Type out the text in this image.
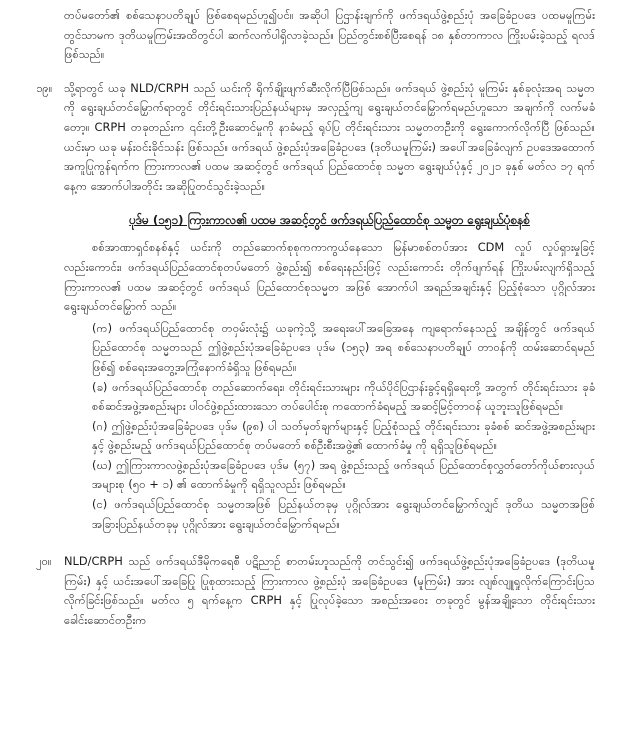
တပ်မတော်၏ စစ်သေနာပတိချုပ် ဖြစ်စေရမည်ဟူ၍ပင်။ အဆိုပါ ပြဌာန်းချက်ကို ဖက်ဒရယ်ဖွဲ့စည်းပုံ အခြေခံဥပဒေ ပထမမူကြမ်းတွင်သာမက ဒုတိယမူကြမ်းအထိတွင်ပါ ဆက်လက်ပါရှိလာခဲ့သည်။ ပြည်တွင်းစစ်ပြီးစေရန် ၁၈ နှစ်တာကာလ ကြိုးပမ်းခဲ့သည့် ရလဒ်ဖြစ်သည်။

၁၉။ သို့ရာတွင် ယခု NLD/CRPH သည် ယင်းကို ရိုက်ချိုးဖျက်ဆီးလိုက်ပြီဖြစ်သည်။ ဖက်ဒရယ် ဖွဲ့စည်းပုံ မူကြမ်း နှစ်ခုလုံးအရ သမ္မတကို ရွေးချယ်တင်မြှောက်ရာတွင် တိုင်းရင်းသားပြည်နယ်များမှ အလှည့်ကျ ရွေးချယ်တင်မြှောက်ရမည်ဟူသော အချက်ကို လက်မခံတော့။ CRPH တခုတည်းက ၎င်းတို့ဦးဆောင်မှုကို နာခံမည့် ရုပ်ပြ တိုင်းရင်းသား သမ္မတတဦးကို ရွေးကောက်လိုက်ပြီ ဖြစ်သည်။ ယင်းမှာ ယခု မန်းဝင်းခိုင်သန်း ဖြစ်သည်။ ဖက်ဒရယ် ဖွဲ့စည်းပုံအခြေခံဥပဒေ (ဒုတိယမူကြမ်း) အပေါ်အခြေခံလျက် ဥပဒေအထောက် အကူပြုကွန်ရက်က ကြားကာလ၏ ပထမ အဆင့်တွင် ဖက်ဒရယ် ပြည်ထောင်စု သမ္မတ ရွေးချယ်ပုံနှင့် ၂၀၂၁ ခုနှစ် မတ်လ ၁၇ ရက်နေ့က အောက်ပါအတိုင်း အဆိုပြုတင်သွင်းခဲ့သည်။

ပုဒ်မ (၁၅၁) ကြားကာလ၏ ပထမ အဆင့်တွင် ဖက်ဒရယ်ပြည်ထောင်စု သမ္မတ ရွေးချယ်ပုံစနစ်

စစ်အာဏာရှင်စနစ်နှင့် ယင်းကို တည်ဆောက်စုစုကကာကွယ်နေသော မြန်မာစစ်တပ်အား CDM လှုပ် လှုပ်ရှားမှုခြင့်လည်းကောင်း၊ ဖက်ဒရယ်ပြည်ထောင်စုတပ်မတော် ဖွဲ့စည်း၍ စစ်ရေးနည်းဖြင့် လည်းကောင်း တိုက်ဖျက်ရန် ကြိုးပမ်းလျက်ရှိသည့် ကြားကာလ၏ ပထမ အဆင့်တွင် ဖက်ဒရယ် ပြည်ထောင်စုသမ္မတ အဖြစ် အောက်ပါ အရည်အချင်းနှင့် ပြည့်စုံသော ပုဂ္ဂိုလ်အား ရွေးချယ်တင်မြှောက် သည်။

(က) ဖက်ဒရယ်ပြည်ထောင်စု တဝှမ်းလုံး၌ ယခုကဲ့သို့ အရေးပေါ်အခြေအနေ ကျရောက်နေသည့် အချိန်တွင် ဖက်ဒရယ် ပြည်ထောင်စု သမ္မတသည် ဤဖွဲ့စည်းပုံအခြေခံဥပဒေ ပုဒ်မ (၁၅၃) အရ စစ်သေနာပတိချုပ် တာဝန်ကို ထမ်းဆောင်ရမည်ဖြစ်၍ စစ်ရေးအတွေ့အကြုံနောက်ခံရှိသူ ဖြစ်ရမည်။

(ခ) ဖက်ဒရယ်ပြည်ထောင်စု တည်ဆောက်ရေး၊ တိုင်းရင်းသားများ ကိုယ်ပိုင်ပြဌာန်းခွင့်ရရှိရေးတို့ အတွက် တိုင်းရင်းသား ခုခံစစ်ဆင်အဖွဲ့အစည်းများ ပါဝင်ဖွဲ့စည်းထားသော တပ်ပေါင်းစု ကထောက်ခံရမည့် အဆင့်မြင့်တာဝန် ယူဘူးသူဖြစ်ရမည်။

(ဂ) ဤဖွဲ့စည်းပုံအခြေခံဥပဒေ ပုဒ်မ (၉၈) ပါ သတ်မှတ်ချက်များနှင့် ပြည့်စုံသည့် တိုင်းရင်းသား ခုခံစစ် ဆင်အဖွဲ့အစည်းများနှင့် ဖွဲ့စည်းမည့် ဖက်ဒရယ်ပြည်ထောင်စု တပ်မတော် စစ်ဦးစီးအဖွဲ့၏ ထောက်ခံမှု ကို ရရှိသူဖြစ်ရမည်။

(ဃ) ဤကြားကာလဖွဲ့စည်းပုံအခြေခံဥပဒေ ပုဒ်မ (၅၇) အရ ဖွဲ့စည်းသည့် ဖက်ဒရယ် ပြည်ထောင်စုလွှတ်တော်ကိုယ်စားလှယ်အများစု (၅၀ + ၁) ၏ ထောက်ခံမှုကို ရရှိသူလည်း ဖြစ်ရမည်။

(င) ဖက်ဒရယ်ပြည်ထောင်စု သမ္မတအဖြစ် ပြည်နယ်တခုမှ ပုဂ္ဂိုလ်အား ရွေးချယ်တင်မြှောက်လျှင် ဒုတိယ သမ္မတအဖြစ် အခြားပြည်နယ်တခုမှ ပုဂ္ဂိုလ်အား ရွေးချယ်တင်မြှောက်ရမည်။

၂၀။ NLD/CRPH သည် ဖက်ဒရယ်ဒီမိုကရေစီ ပဋိညာဉ် စာတမ်းဟူသည်ကို တင်သွင်း၍ ဖက်ဒရယ်ဖွဲ့စည်းပုံအခြေခံဥပဒေ (ဒုတိယမူကြမ်း) နှင့် ယင်းအပေါ်အခြေပြု ပြုစုထားသည့် ကြားကာလ ဖွဲ့စည်းပုံ အခြေခံဥပဒေ (မူကြမ်း) အား လျစ်လျူရှုလိုက်ကြောင်းပြသ လိုက်ခြင်းဖြစ်သည်။ မတ်လ ၅ ရက်နေ့က CRPH နှင့် ပြုလုပ်ခဲ့သော အစည်းအဝေး တခုတွင် မွန်အချို့သော တိုင်းရင်းသားခေါင်းဆောင်တဦးက
